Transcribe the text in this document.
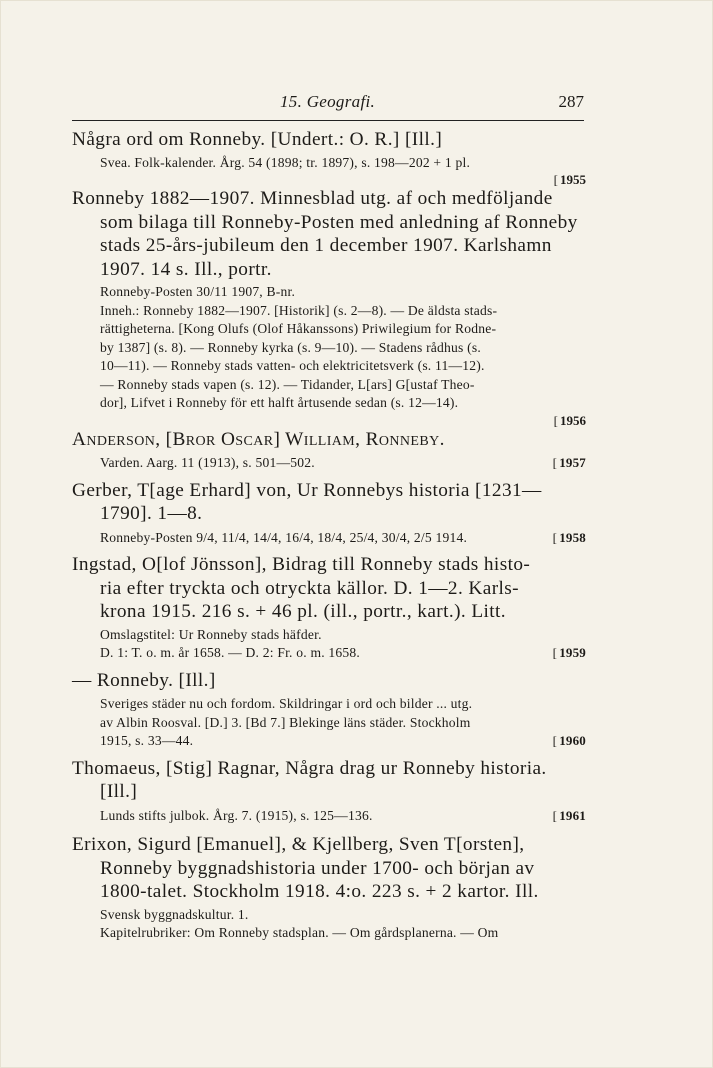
15. Geografi.	287

Några ord om Ronneby. [Undert.: O. R.] [Ill.]

Svea. Folk-kalender. Årg. 54 (1898; tr. 1897), s. 198—202 + 1 pl.

[ 1955

Ronneby 1882—1907. Minnesblad utg. af och medföljande

som bilaga till Ronneby-Posten med anledning af Ronneby

stads 25-års-jubileum den 1 december 1907. Karlshamn

1907. 14 s. Ill., portr.

Ronneby-Posten 30/11 1907, B-nr.

Inneh.: Ronneby 1882—1907. [Historik] (s. 2—8). — De äldsta stads-

rättigheterna. [Kong Olufs (Olof Håkanssons) Priwilegium for Rodne-

by 1387] (s. 8). — Ronneby kyrka (s. 9—10). — Stadens rådhus (s.

10—11). — Ronneby stads vatten- och elektricitetsverk (s. 11—12).

— Ronneby stads vapen (s. 12). — Tidander, L[ars] G[ustaf Theo-

dor], Lifvet i Ronneby för ett halft årtusende sedan (s. 12—14).

[ 1956

Anderson, [Bror Oscar] William, Ronneby.

Varden. Aarg. 11 (1913), s. 501—502.	[ 1957

Gerber, T[age Erhard] von, Ur Ronnebys historia [1231—

1790]. 1—8.

Ronneby-Posten 9/4, 11/4, 14/4, 16/4, 18/4, 25/4, 30/4, 2/5 1914.	[ 1958

Ingstad, O[lof Jönsson], Bidrag till Ronneby stads histo-

ria efter tryckta och otryckta källor. D. 1—2. Karls-

krona 1915. 216 s. + 46 pl. (ill., portr., kart.). Litt.

Omslagstitel: Ur Ronneby stads häfder.

D. 1: T. o. m. år 1658. — D. 2: Fr. o. m. 1658.	[ 1959

— Ronneby. [Ill.]

Sveriges städer nu och fordom. Skildringar i ord och bilder ... utg.

av Albin Roosval. [D.] 3. [Bd 7.] Blekinge läns städer. Stockholm

1915, s. 33—44.	[ 1960

Thomaeus, [Stig] Ragnar, Några drag ur Ronneby historia.

[Ill.]

Lunds stifts julbok. Årg. 7. (1915), s. 125—136.	[ 1961

Erixon, Sigurd [Emanuel], & Kjellberg, Sven T[orsten],

Ronneby byggnadshistoria under 1700- och början av

1800-talet. Stockholm 1918. 4:o. 223 s. + 2 kartor. Ill.

Svensk byggnadskultur. 1.

Kapitelrubriker: Om Ronneby stadsplan. — Om gårdsplanerna. — Om
